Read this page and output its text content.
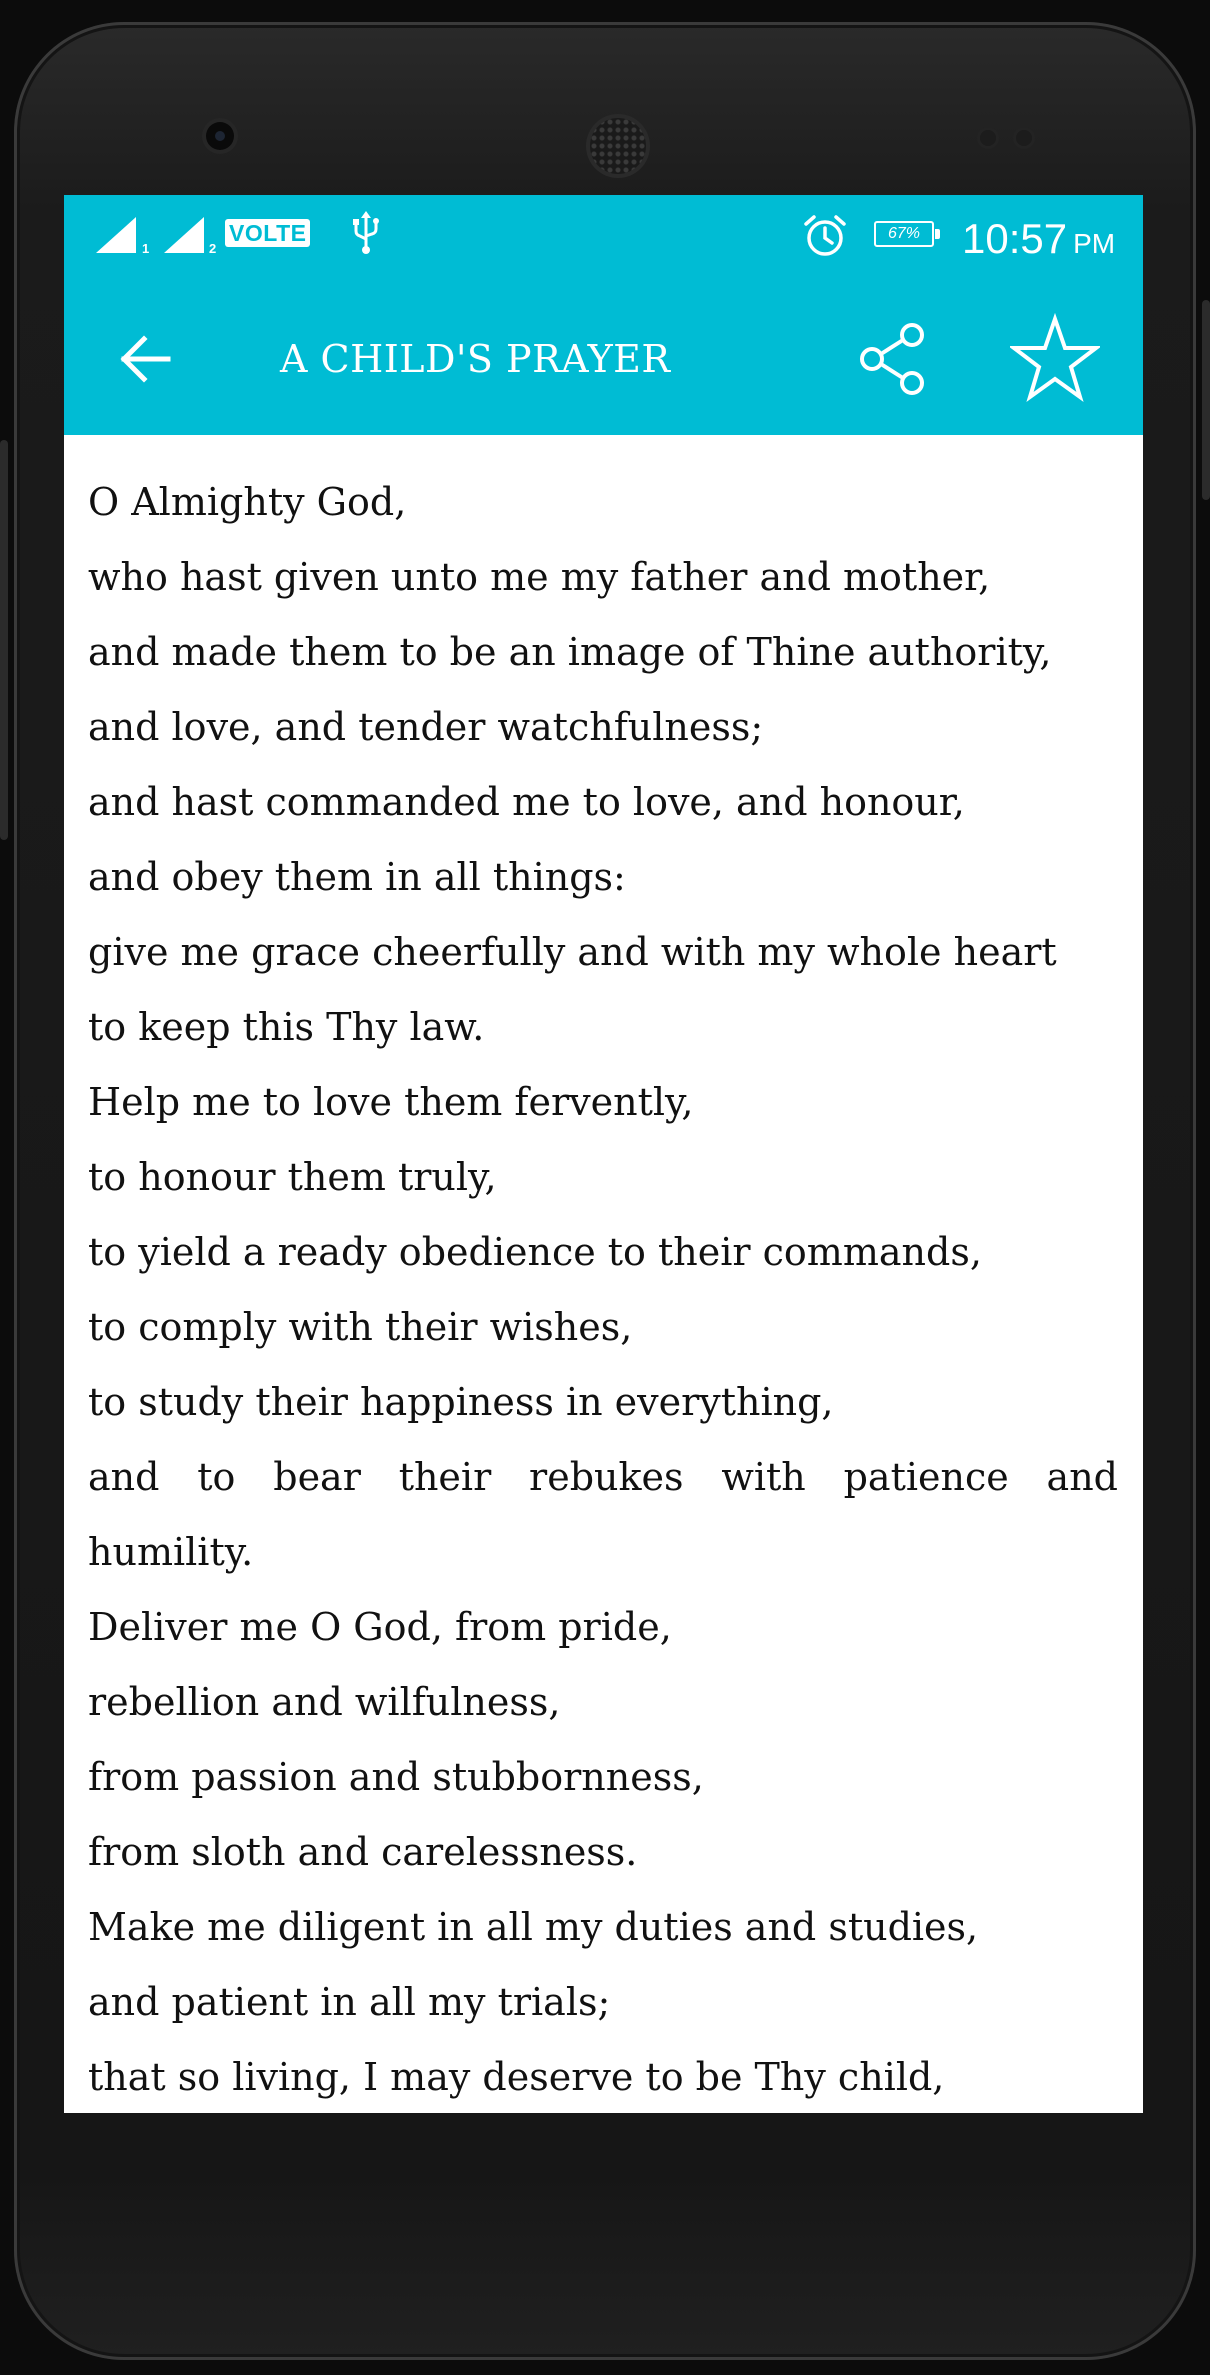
1	2
VOLTE	67% 10:57 PM
A CHILD'S PRAYER
O Almighty God,
who hast given unto me my father and mother,
and made them to be an image of Thine authority,
and love, and tender watchfulness;
and hast commanded me to love, and honour,
and obey them in all things:
give me grace cheerfully and with my whole heart
to keep this Thy law.
Help me to love them fervently,
to honour them truly,
to yield a ready obedience to their commands,
to comply with their wishes,
to study their happiness in everything,
and to bear their rebukes with patience and
humility.
Deliver me O God, from pride,
rebellion and wilfulness,
from passion and stubbornness,
from sloth and carelessness.
Make me diligent in all my duties and studies,
and patient in all my trials;
that so living, I may deserve to be Thy child,
